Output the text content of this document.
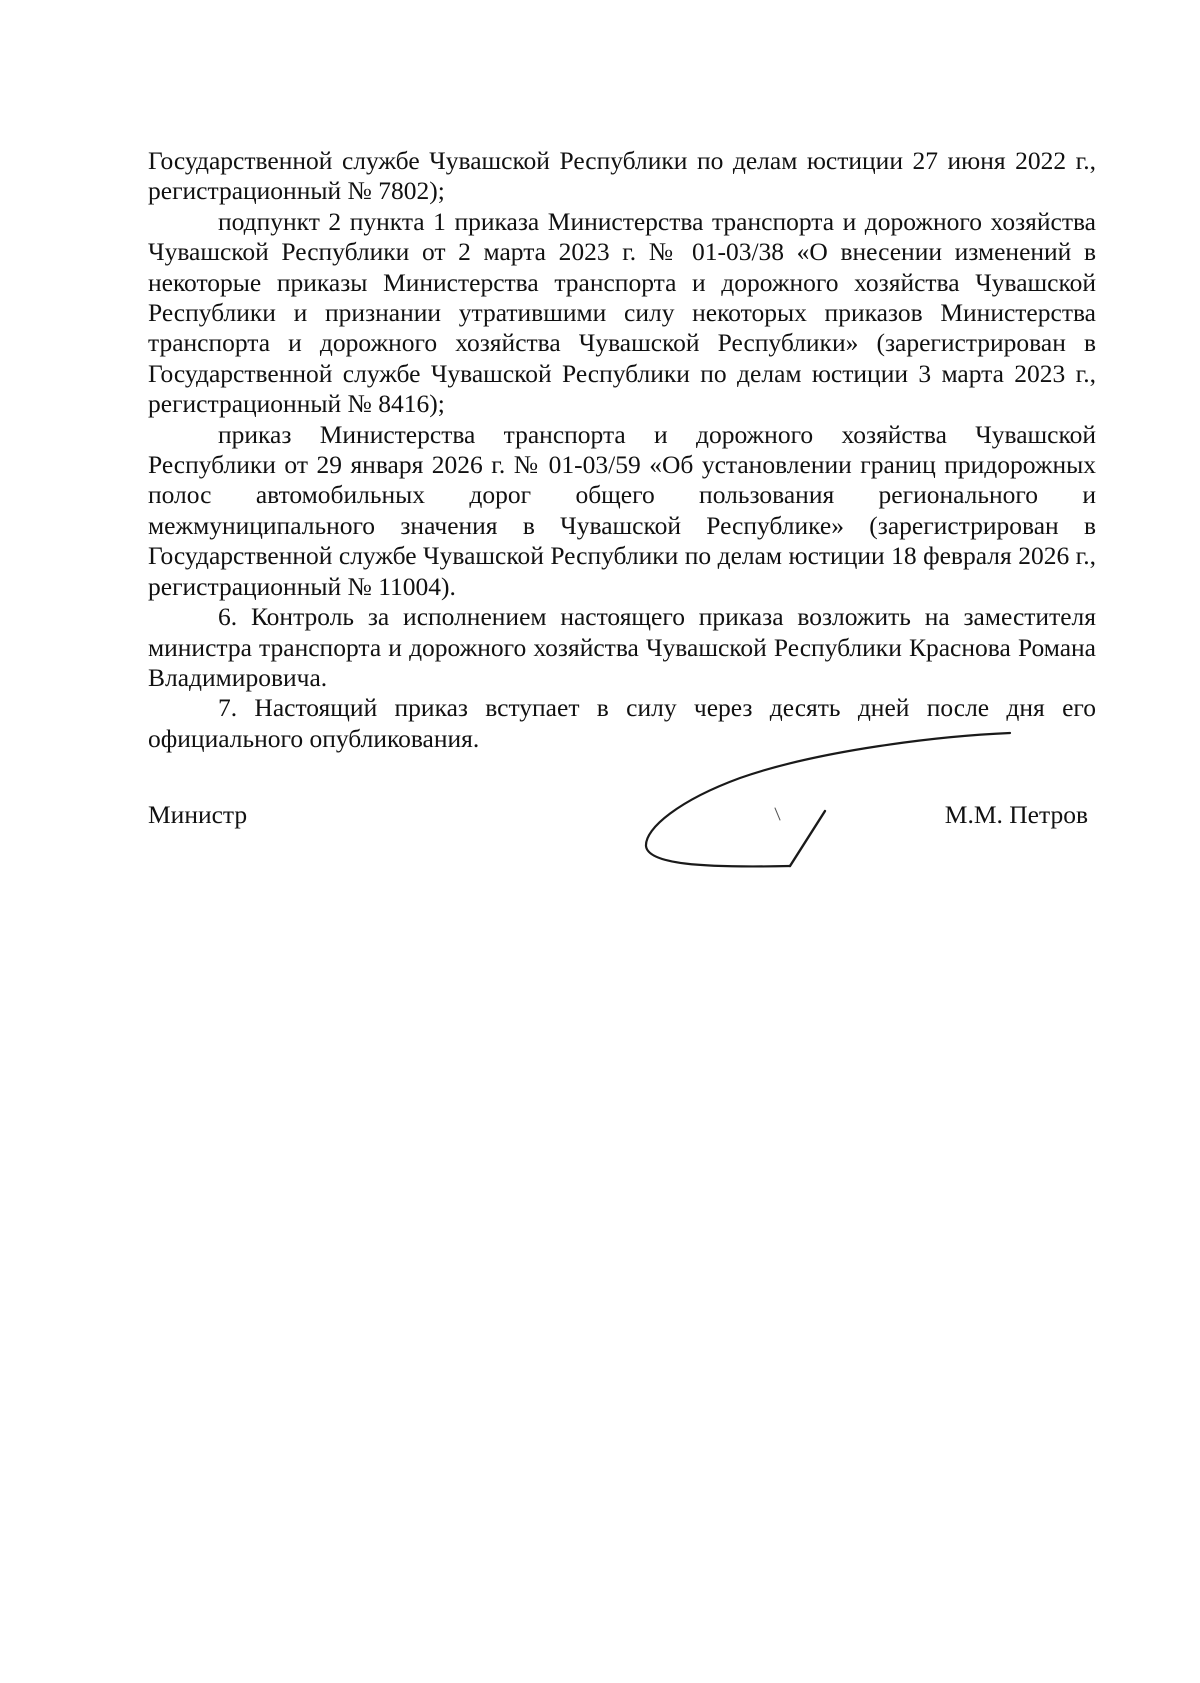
Государственной службе Чувашской Республики по делам юстиции 27 июня 2022 г., регистрационный № 7802);

подпункт 2 пункта 1 приказа Министерства транспорта и дорожного хозяйства Чувашской Республики от 2 марта 2023 г. № 01-03/38 «О внесении изменений в некоторые приказы Министерства транспорта и дорожного хозяйства Чувашской Республики и признании утратившими силу некоторых приказов Министерства транспорта и дорожного хозяйства Чувашской Республики» (зарегистрирован в Государственной службе Чувашской Республики по делам юстиции 3 марта 2023 г., регистрационный № 8416);

приказ Министерства транспорта и дорожного хозяйства Чувашской Республики от 29 января 2026 г. № 01-03/59 «Об установлении границ придорожных полос автомобильных дорог общего пользования регионального и межмуниципального значения в Чувашской Республике» (зарегистрирован в Государственной службе Чувашской Республики по делам юстиции 18 февраля 2026 г., регистрационный № 11004).

6. Контроль за исполнением настоящего приказа возложить на заместителя министра транспорта и дорожного хозяйства Чувашской Республики Краснова Романа Владимировича.

7. Настоящий приказ вступает в силу через десять дней после дня его официального опубликования.

Министр	М.М. Петров
